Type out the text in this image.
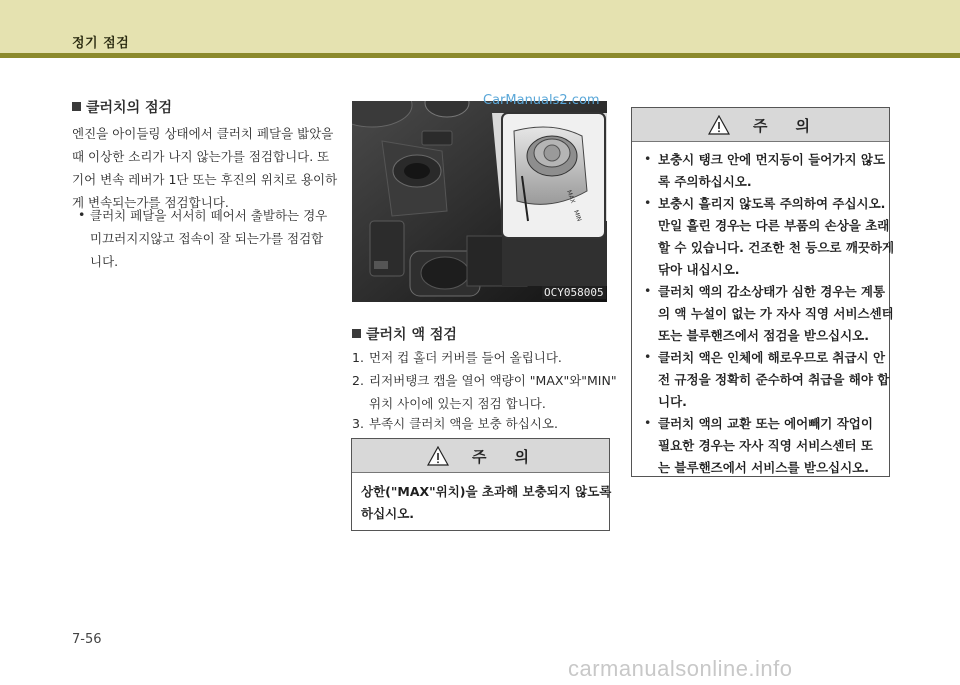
정기 점검
클러치의 점검
엔진을 아이들링 상태에서 클러치 페달을 밟았을
때 이상한 소리가 나지 않는가를 점검합니다. 또
기어 변속 레버가 1단 또는 후진의 위치로 용이하
게 변속되는가를 점검합니다.
• 클러치 페달을 서서히 떼어서 출발하는 경우
미끄러지지않고 접속이 잘 되는가를 점검합
니다.
MAX
MIN
CarManuals2.com
OCY058005
클러치 액 점검
1. 먼저 컵 홀더 커버를 들어 올립니다.
2. 리저버탱크 캡을 열어 액량이 "MAX"와"MIN"
위치 사이에 있는지 점검 합니다.
3. 부족시 클러치 액을 보충 하십시오.
주의
상한("MAX"위치)을 초과해 보충되지 않도록
하십시오.
주의
• 보충시 탱크 안에 먼지등이 들어가지 않도
록 주의하십시오.
• 보충시 흘리지 않도록 주의하여 주십시오.
만일 흘린 경우는 다른 부품의 손상을 초래
할 수 있습니다. 건조한 천 등으로 깨끗하게
닦아 내십시오.
• 클러치 액의 감소상태가 심한 경우는 계통
의 액 누설이 없는 가 자사 직영 서비스센터
또는 블루핸즈에서 점검을 받으십시오.
• 클러치 액은 인체에 해로우므로 취급시 안
전 규정을 정확히 준수하여 취급을 해야 합
니다.
• 클러치 액의 교환 또는 에어빼기 작업이
필요한 경우는 자사 직영 서비스센터 또
는 블루핸즈에서 서비스를 받으십시오.
7-56
carmanualsonline.info
